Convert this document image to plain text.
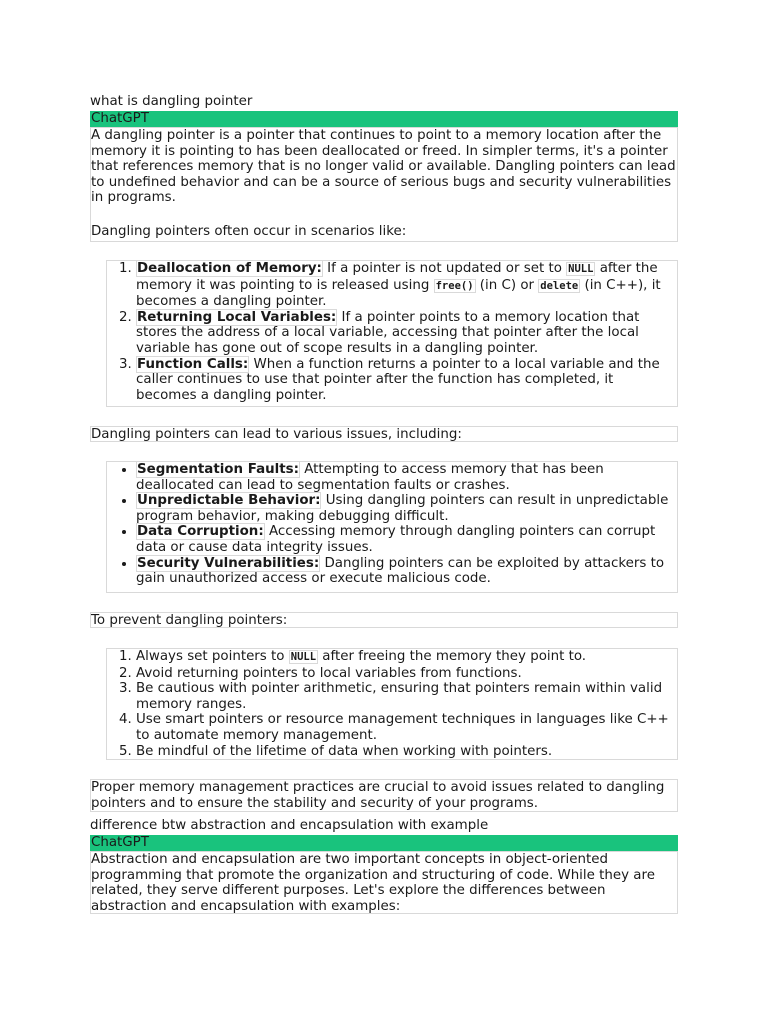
what is dangling pointer

ChatGPT

A dangling pointer is a pointer that continues to point to a memory location after the memory it is pointing to has been deallocated or freed. In simpler terms, it's a pointer that references memory that is no longer valid or available. Dangling pointers can lead to undefined behavior and can be a source of serious bugs and security vulnerabilities in programs.

Dangling pointers often occur in scenarios like:

1. Deallocation of Memory: If a pointer is not updated or set to NULL after the memory it was pointing to is released using free() (in C) or delete (in C++), it becomes a dangling pointer.
2. Returning Local Variables: If a pointer points to a memory location that stores the address of a local variable, accessing that pointer after the local variable has gone out of scope results in a dangling pointer.
3. Function Calls: When a function returns a pointer to a local variable and the caller continues to use that pointer after the function has completed, it becomes a dangling pointer.

Dangling pointers can lead to various issues, including:

• Segmentation Faults: Attempting to access memory that has been deallocated can lead to segmentation faults or crashes.
• Unpredictable Behavior: Using dangling pointers can result in unpredictable program behavior, making debugging difficult.
• Data Corruption: Accessing memory through dangling pointers can corrupt data or cause data integrity issues.
• Security Vulnerabilities: Dangling pointers can be exploited by attackers to gain unauthorized access or execute malicious code.

To prevent dangling pointers:

1. Always set pointers to NULL after freeing the memory they point to.
2. Avoid returning pointers to local variables from functions.
3. Be cautious with pointer arithmetic, ensuring that pointers remain within valid memory ranges.
4. Use smart pointers or resource management techniques in languages like C++ to automate memory management.
5. Be mindful of the lifetime of data when working with pointers.

Proper memory management practices are crucial to avoid issues related to dangling pointers and to ensure the stability and security of your programs.

difference btw abstraction and encapsulation with example

ChatGPT

Abstraction and encapsulation are two important concepts in object-oriented programming that promote the organization and structuring of code. While they are related, they serve different purposes. Let's explore the differences between abstraction and encapsulation with examples:
